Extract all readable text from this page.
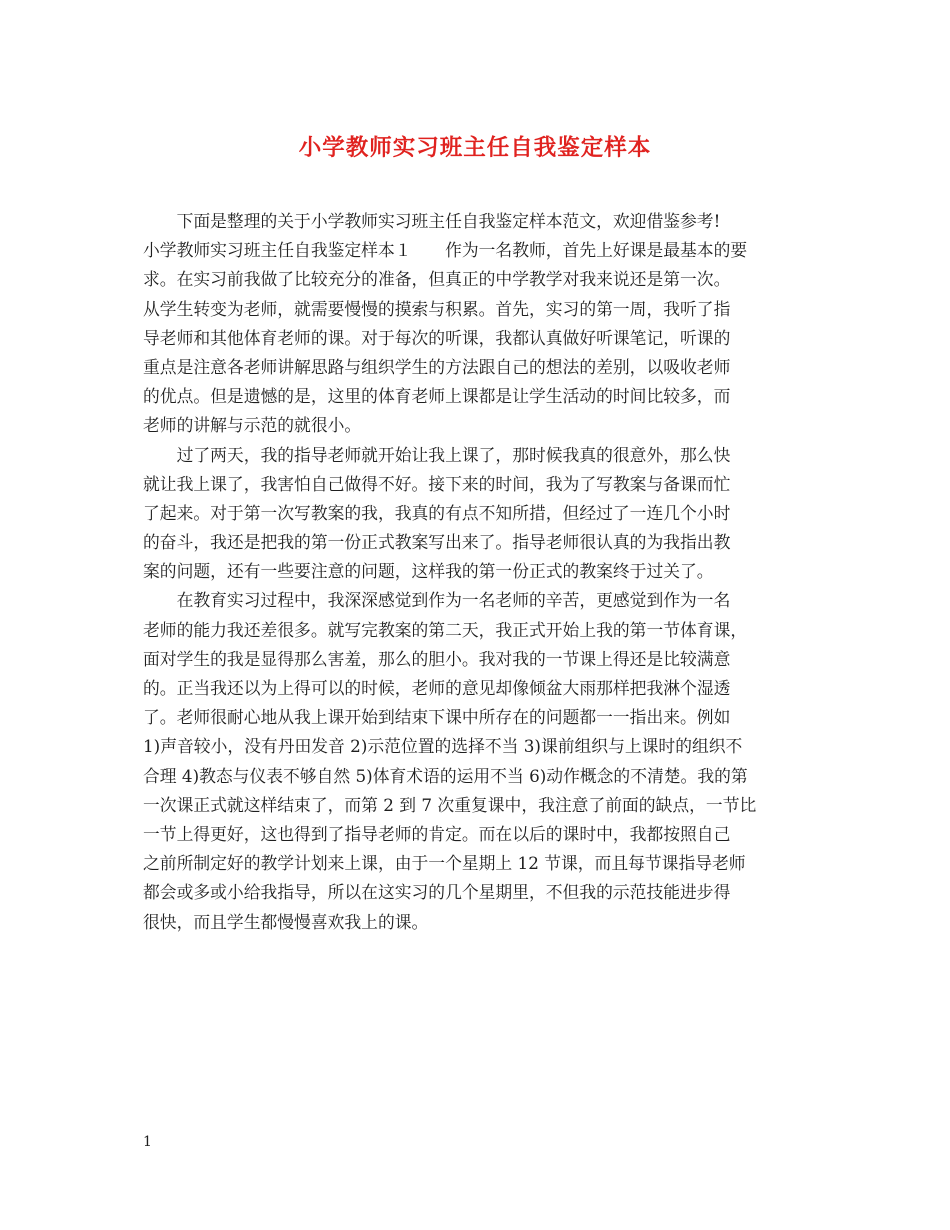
小学教师实习班主任自我鉴定样本
　　下面是整理的关于小学教师实习班主任自我鉴定样本范文，欢迎借鉴参考!
小学教师实习班主任自我鉴定样本１　　作为一名教师，首先上好课是最基本的要
求。在实习前我做了比较充分的准备，但真正的中学教学对我来说还是第一次。
从学生转变为老师，就需要慢慢的摸索与积累。首先，实习的第一周，我听了指
导老师和其他体育老师的课。对于每次的听课，我都认真做好听课笔记，听课的
重点是注意各老师讲解思路与组织学生的方法跟自己的想法的差别，以吸收老师
的优点。但是遗憾的是，这里的体育老师上课都是让学生活动的时间比较多，而
老师的讲解与示范的就很小。
　　过了两天，我的指导老师就开始让我上课了，那时候我真的很意外，那么快
就让我上课了，我害怕自己做得不好。接下来的时间，我为了写教案与备课而忙
了起来。对于第一次写教案的我，我真的有点不知所措，但经过了一连几个小时
的奋斗，我还是把我的第一份正式教案写出来了。指导老师很认真的为我指出教
案的问题，还有一些要注意的问题，这样我的第一份正式的教案终于过关了。
　　在教育实习过程中，我深深感觉到作为一名老师的辛苦，更感觉到作为一名
老师的能力我还差很多。就写完教案的第二天，我正式开始上我的第一节体育课，
面对学生的我是显得那么害羞，那么的胆小。我对我的一节课上得还是比较满意
的。正当我还以为上得可以的时候，老师的意见却像倾盆大雨那样把我淋个湿透
了。老师很耐心地从我上课开始到结束下课中所存在的问题都一一指出来。例如
1)声音较小，没有丹田发音 2)示范位置的选择不当 3)课前组织与上课时的组织不
合理 4)教态与仪表不够自然 5)体育术语的运用不当 6)动作概念的不清楚。我的第
一次课正式就这样结束了，而第 2 到 7 次重复课中，我注意了前面的缺点，一节比
一节上得更好，这也得到了指导老师的肯定。而在以后的课时中，我都按照自己
之前所制定好的教学计划来上课，由于一个星期上 12 节课，而且每节课指导老师
都会或多或小给我指导，所以在这实习的几个星期里，不但我的示范技能进步得
很快，而且学生都慢慢喜欢我上的课。
1
